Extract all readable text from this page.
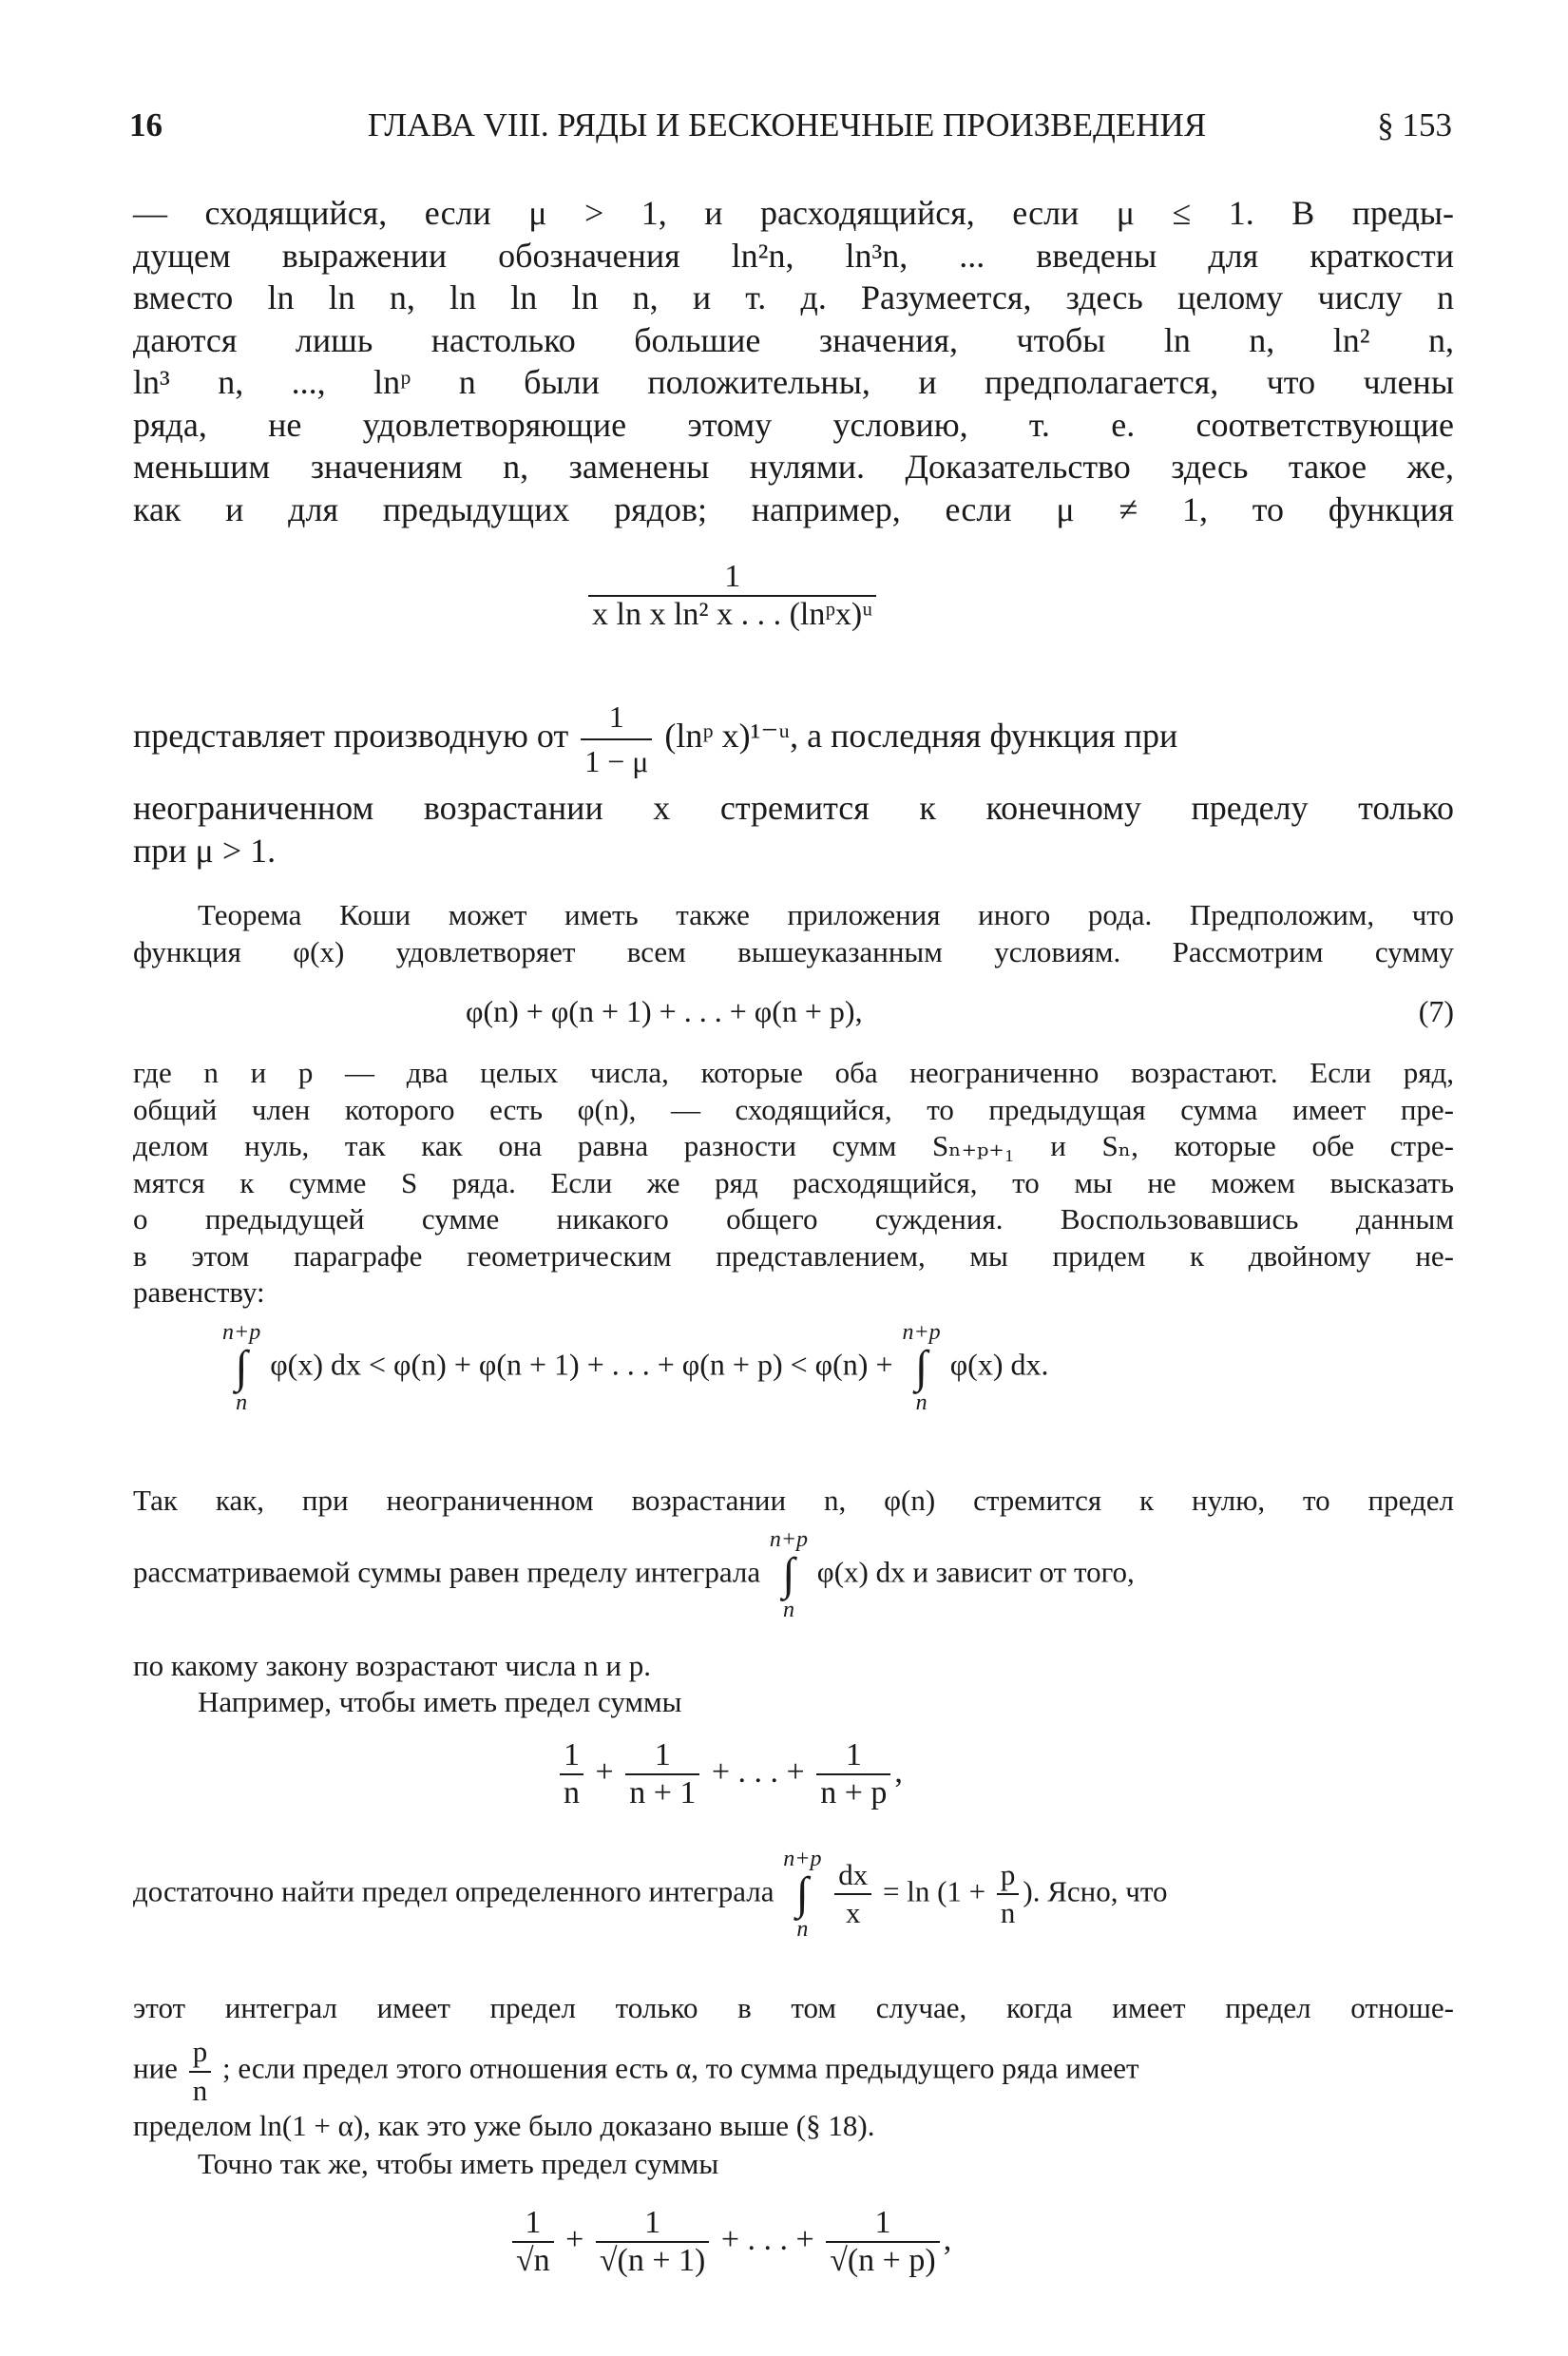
ГЛАВА VIII. РЯДЫ И БЕСКОНЕЧНЫЕ ПРОИЗВЕДЕНИЯ
16	§ 153
— сходящийся, если μ > 1, и расходящийся, если μ ≤ 1. В преды-
дущем выражении обозначения ln²n, ln³n, ... введены для краткости
вместо ln ln n, ln ln ln n, и т. д. Разумеется, здесь целому числу n
даются лишь настолько большие значения, чтобы ln n, ln² n,
ln³ n, ..., lnᵖ n были положительны, и предполагается, что члены
ряда, не удовлетворяющие этому условию, т. е. соответствующие
меньшим значениям n, заменены нулями. Доказательство здесь такое же,
как и для предыдущих рядов; например, если μ ≠ 1, то функция
$\frac{1}{\text{x ln x ln² x . . . (lnᵖx)ᵘ}}$
представляет производную от $\frac{1}{1 - \mu}$ (lnᵖ x)¹⁻ᵘ, а последняя функция при
неограниченном возрастании x стремится к конечному пределу только
при μ > 1.
Теорема Коши может иметь также приложения иного рода. Предположим, что
функция φ(x) удовлетворяет всем вышеуказанным условиям. Рассмотрим сумму
φ(n) + φ(n + 1) + . . . + φ(n + p),	(7)
где n и p — два целых числа, которые оба неограниченно возрастают. Если ряд,
общий член которого есть φ(n), — сходящийся, то предыдущая сумма имеет пре-
делом нуль, так как она равна разности сумм Sₙ₊ₚ₊₁ и Sₙ, которые обе стре-
мятся к сумме S ряда. Если же ряд расходящийся, то мы не можем высказать
о предыдущей сумме никакого общего суждения. Воспользовавшись данным
в этом параграфе геометрическим представлением, мы придем к двойному не-
равенству:
n+p
∫
n
φ(x) dx < φ(n) + φ(n + 1) + . . . + φ(n + p) < φ(n) +
n+p
∫
n
φ(x) dx.
Так как, при неограниченном возрастании n, φ(n) стремится к нулю, то предел
рассматриваемой суммы равен пределу интеграла
n+p
∫
n
φ(x) dx и зависит от того,
по какому закону возрастают числа n и p.
Например, чтобы иметь предел суммы
$\frac{1}{n} + \frac{1}{n + 1}$ + . . . + $\frac{1}{n + p}$ ,
достаточно найти предел определенного интеграла
n+p
∫
n
$\frac{dx}{x} = \ln (1 + \frac{p}{n}$ ). Ясно, что
этот интеграл имеет предел только в том случае, когда имеет предел отноше-
ние $\frac{p}{n}$ ; если предел этого отношения есть α, то сумма предыдущего ряда имеет
пределом ln(1 + α), как это уже было доказано выше (§ 18).
Точно так же, чтобы иметь предел суммы
$\frac{1}{√n} + \frac{1}{√(n + 1)}$ + . . . + $\frac{1}{√(n + p)}$ ,
